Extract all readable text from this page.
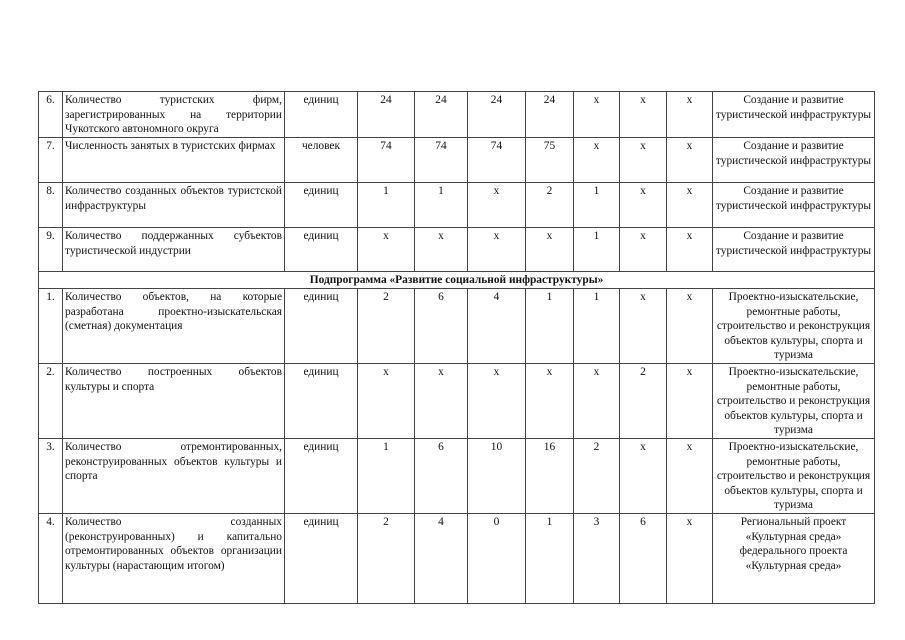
6.	Количество туристских фирм, зарегистрированных на территории Чукотского автономного округа	единиц	24	24	24	24	х	х	х	Создание и развитие туристической инфраструктуры
7.	Численность занятых в туристских фирмах	человек	74	74	74	75	х	х	х	Создание и развитие туристической инфраструктуры
8.	Количество созданных объектов туристской инфраструктуры	единиц	1	1	х	2	1	х	х	Создание и развитие туристической инфраструктуры
9.	Количество поддержанных субъектов туристической индустрии	единиц	х	х	х	х	1	х	х	Создание и развитие туристической инфраструктуры
Подпрограмма «Развитие социальной инфраструктуры»										
1.	Количество объектов, на которые разработана проектно-изыскательская (сметная) документация	единиц	2	6	4	1	1	х	х	Проектно-изыскательские, ремонтные работы, строительство и реконструкция объектов культуры, спорта и туризма
2.	Количество построенных объектов культуры и спорта	единиц	х	х	х	х	х	2	х	Проектно-изыскательские, ремонтные работы, строительство и реконструкция объектов культуры, спорта и туризма
3.	Количество отремонтированных, реконструированных объектов культуры и спорта	единиц	1	6	10	16	2	х	х	Проектно-изыскательские, ремонтные работы, строительство и реконструкция объектов культуры, спорта и туризма
4.	Количество созданных (реконструированных) и капитально отремонтированных объектов организации культуры (нарастающим итогом)	единиц	2	4	0	1	3	6	х	Региональный проект «Культурная среда» федерального проекта «Культурная среда»
